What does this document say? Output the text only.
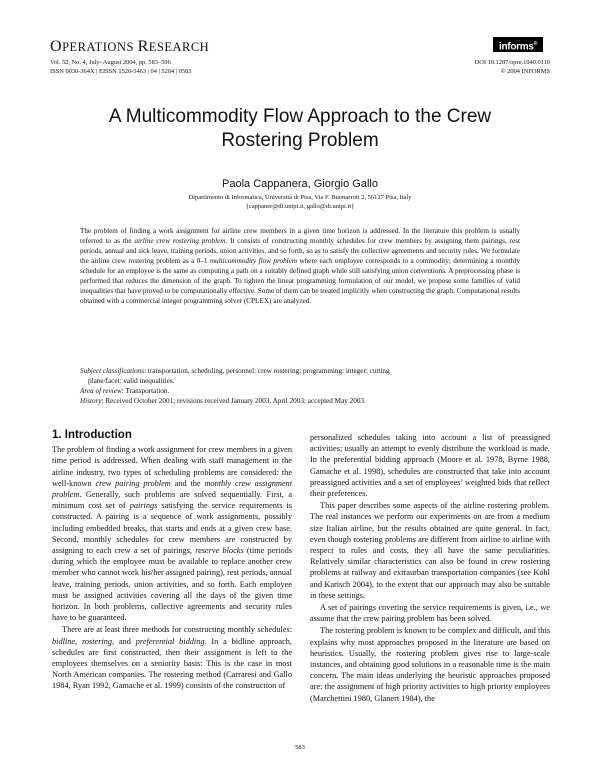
OPERATIONS RESEARCH
Vol. 52, No. 4, July–August 2004, pp. 583–596
ISSN 0030-364X | EISSN 1526-5463 | 04 | 5204 | 0583
informs®
DOI 10.1287/opre.1040.0110
© 2004 INFORMS
A Multicommodity Flow Approach to the Crew
Rostering Problem
Paola Cappanera, Giorgio Gallo
Dipartimento di Informatica, Università di Pisa, Via F. Buonarroti 2, 56127 Pisa, Italy
{cappaner@di.unipi.it, gallo@di.unipi.it}

The problem of finding a work assignment for airline crew members in a given time horizon is addressed. In the literature this problem is usually referred to as the airline crew rostering problem. It consists of constructing monthly schedules for crew members by assigning them pairings, rest periods, annual and sick leave, training periods, union activities, and so forth, so as to satisfy the collective agreements and security rules. We formulate the airline crew rostering problem as a 0–1 multicommodity flow problem where each employee corresponds to a commodity; determining a monthly schedule for an employee is the same as computing a path on a suitably defined graph while still satisfying union conventions. A preprocessing phase is performed that reduces the dimension of the graph. To tighten the linear programming formulation of our model, we propose some families of valid inequalities that have proved to be computationally effective. Some of them can be treated implicitly when constructing the graph. Computational results obtained with a commercial integer programming solver (CPLEX) are analyzed.

Subject classifications: transportation, scheduling, personnel: crew rostering; programming: integer; cutting

plane/facet: valid inequalities.

Area of review: Transportation.

History: Received October 2001; revisions received January 2003, April 2003; accepted May 2003.

1. Introduction

The problem of finding a work assignment for crew members in a given time period is addressed. When dealing with staff management in the airline industry, two types of scheduling problems are considered: the well-known crew pairing problem and the monthly crew assignment problem. Generally, such problems are solved sequentially. First, a minimum cost set of pairings satisfying the service requirements is constructed. A pairing is a sequence of work assignments, possibly including embedded breaks, that starts and ends at a given crew base. Second, monthly schedules for crew members are constructed by assigning to each crew a set of pairings, reserve blocks (time periods during which the employee must be available to replace another crew member who cannot work his/her assigned pairing), rest periods, annual leave, training periods, union activities, and so forth. Each employee must be assigned activities covering all the days of the given time horizon. In both problems, collective agreements and security rules have to be guaranteed.

There are at least three methods for constructing monthly schedules: bidline, rostering, and preferential bidding. In a bidline approach, schedules are first constructed, then their assignment is left to the employees themselves on a seniority basis: This is the case in most North American companies. The rostering method (Carraresi and Gallo 1984, Ryan 1992, Gamache et al. 1999) consists of the construction of

personalized schedules taking into account a list of preassigned activities; usually an attempt to evenly distribute the workload is made. In the preferential bidding approach (Moore et al. 1978, Byrne 1988, Gamache et al. 1998), schedules are constructed that take into account preassigned activities and a set of employees’ weighted bids that reflect their preferences.

This paper describes some aspects of the airline rostering problem. The real instances we perform our experiments on are from a medium size Italian airline, but the results obtained are quite general. In fact, even though rostering problems are different from airline to airline with respect to rules and costs, they all have the same peculiarities. Relatively similar characteristics can also be found in crew rostering problems at railway and extraurban transportation companies (see Kohl and Karisch 2004), to the extent that our approach may also be suitable in these settings.

A set of pairings covering the service requirements is given, i.e., we assume that the crew pairing problem has been solved.

The rostering problem is known to be complex and difficult, and this explains why most approaches proposed in the literature are based on heuristics. Usually, the rostering problem gives rise to large-scale instances, and obtaining good solutions in a reasonable time is the main concern. The main ideas underlying the heuristic approaches proposed are: the assignment of high priority activities to high priority employees (Marchettini 1980, Glanert 1984), the

583
